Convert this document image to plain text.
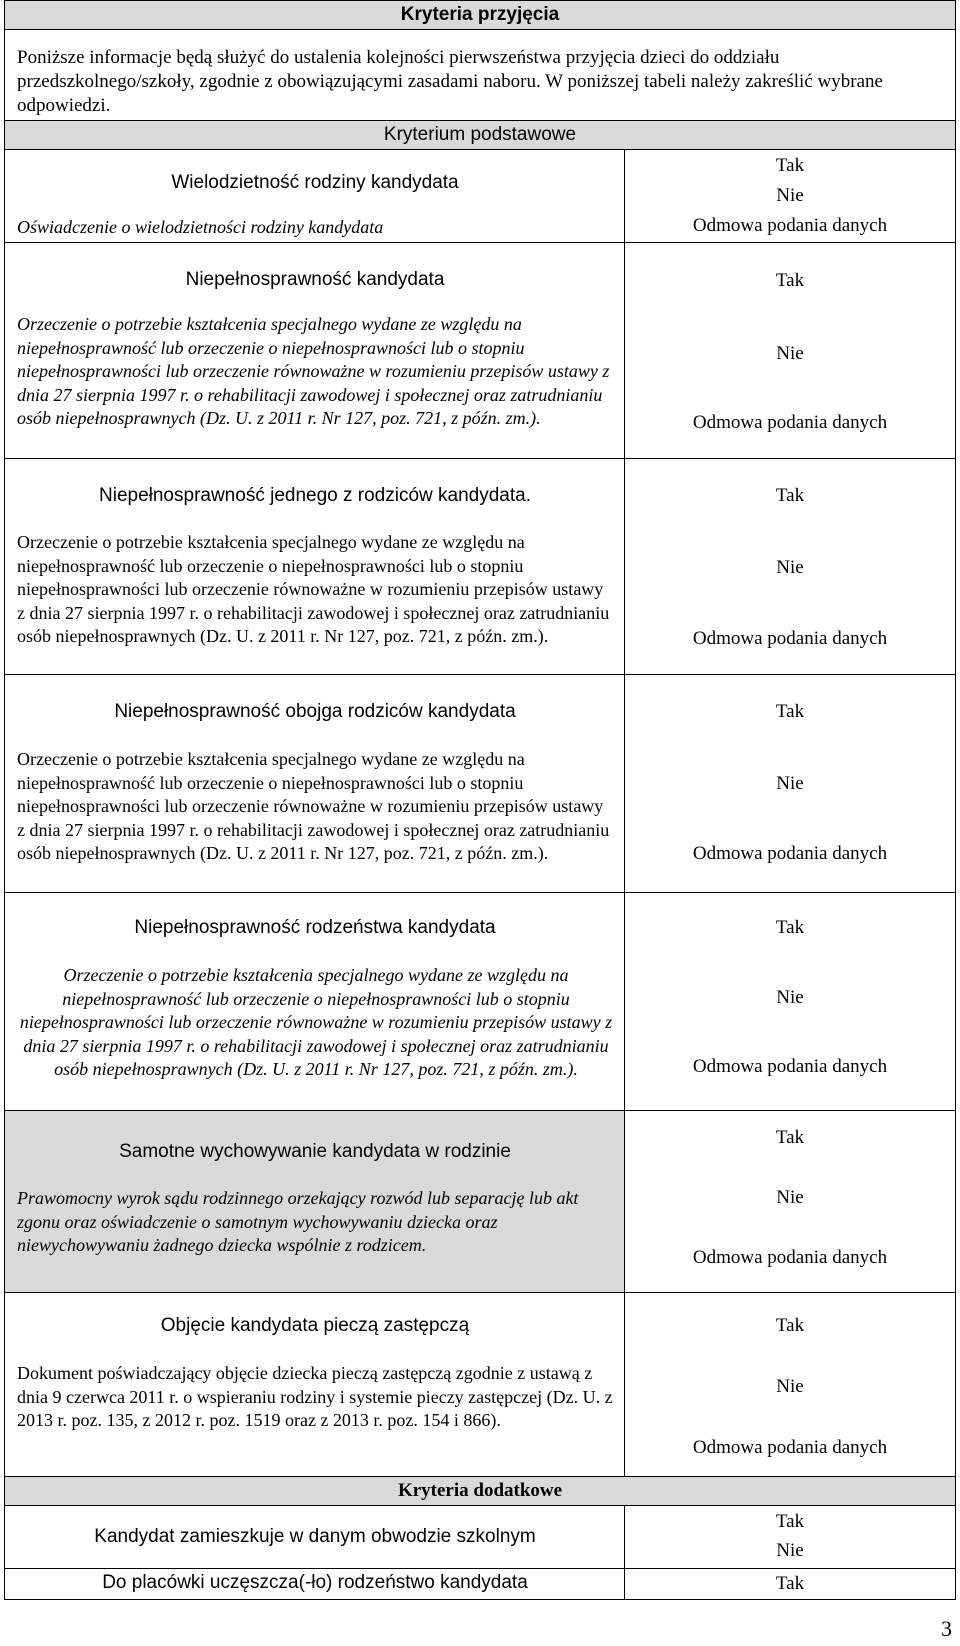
Kryteria przyjęcia
Poniższe informacje będą służyć do ustalenia kolejności pierwszeństwa przyjęcia dzieci do oddziału przedszkolnego/szkoły, zgodnie z obowiązującymi zasadami naboru. W poniższej tabeli należy zakreślić wybrane odpowiedzi.
Kryterium podstawowe
Wielodzietność rodziny kandydata
Oświadczenie o wielodzietności rodziny kandydata
Tak
Nie
Odmowa podania danych
Niepełnosprawność kandydata
Orzeczenie o potrzebie kształcenia specjalnego wydane ze względu na niepełnosprawność lub orzeczenie o niepełnosprawności lub o stopniu niepełnosprawności lub orzeczenie równoważne w rozumieniu przepisów ustawy z dnia 27 sierpnia 1997 r. o rehabilitacji zawodowej i społecznej oraz zatrudnianiu osób niepełnosprawnych (Dz. U. z 2011 r. Nr 127, poz. 721, z późn. zm.).
Tak
Nie
Odmowa podania danych
Niepełnosprawność jednego z rodziców kandydata.
Orzeczenie o potrzebie kształcenia specjalnego wydane ze względu na niepełnosprawność lub orzeczenie o niepełnosprawności lub o stopniu niepełnosprawności lub orzeczenie równoważne w rozumieniu przepisów ustawy z dnia 27 sierpnia 1997 r. o rehabilitacji zawodowej i społecznej oraz zatrudnianiu osób niepełnosprawnych (Dz. U. z 2011 r. Nr 127, poz. 721, z późn. zm.).
Tak
Nie
Odmowa podania danych
Niepełnosprawność obojga rodziców kandydata
Orzeczenie o potrzebie kształcenia specjalnego wydane ze względu na niepełnosprawność lub orzeczenie o niepełnosprawności lub o stopniu niepełnosprawności lub orzeczenie równoważne w rozumieniu przepisów ustawy z dnia 27 sierpnia 1997 r. o rehabilitacji zawodowej i społecznej oraz zatrudnianiu osób niepełnosprawnych (Dz. U. z 2011 r. Nr 127, poz. 721, z późn. zm.).
Tak
Nie
Odmowa podania danych
Niepełnosprawność rodzeństwa kandydata
Orzeczenie o potrzebie kształcenia specjalnego wydane ze względu na niepełnosprawność lub orzeczenie o niepełnosprawności lub o stopniu niepełnosprawności lub orzeczenie równoważne w rozumieniu przepisów ustawy z dnia 27 sierpnia 1997 r. o rehabilitacji zawodowej i społecznej oraz zatrudnianiu osób niepełnosprawnych (Dz. U. z 2011 r. Nr 127, poz. 721, z późn. zm.).
Tak
Nie
Odmowa podania danych
Samotne wychowywanie kandydata w rodzinie
Prawomocny wyrok sądu rodzinnego orzekający rozwód lub separację lub akt zgonu oraz oświadczenie o samotnym wychowywaniu dziecka oraz niewychowywaniu żadnego dziecka wspólnie z rodzicem.
Tak
Nie
Odmowa podania danych
Objęcie kandydata pieczą zastępczą
Dokument poświadczający objęcie dziecka pieczą zastępczą zgodnie z ustawą z dnia 9 czerwca 2011 r. o wspieraniu rodziny i systemie pieczy zastępczej (Dz. U. z 2013 r. poz. 135, z 2012 r. poz. 1519 oraz z 2013 r. poz. 154 i 866).
Tak
Nie
Odmowa podania danych
Kryteria dodatkowe
Kandydat zamieszkuje w danym obwodzie szkolnym
Tak
Nie
Do placówki uczęszcza(-ło) rodzeństwo kandydata	Tak
3
